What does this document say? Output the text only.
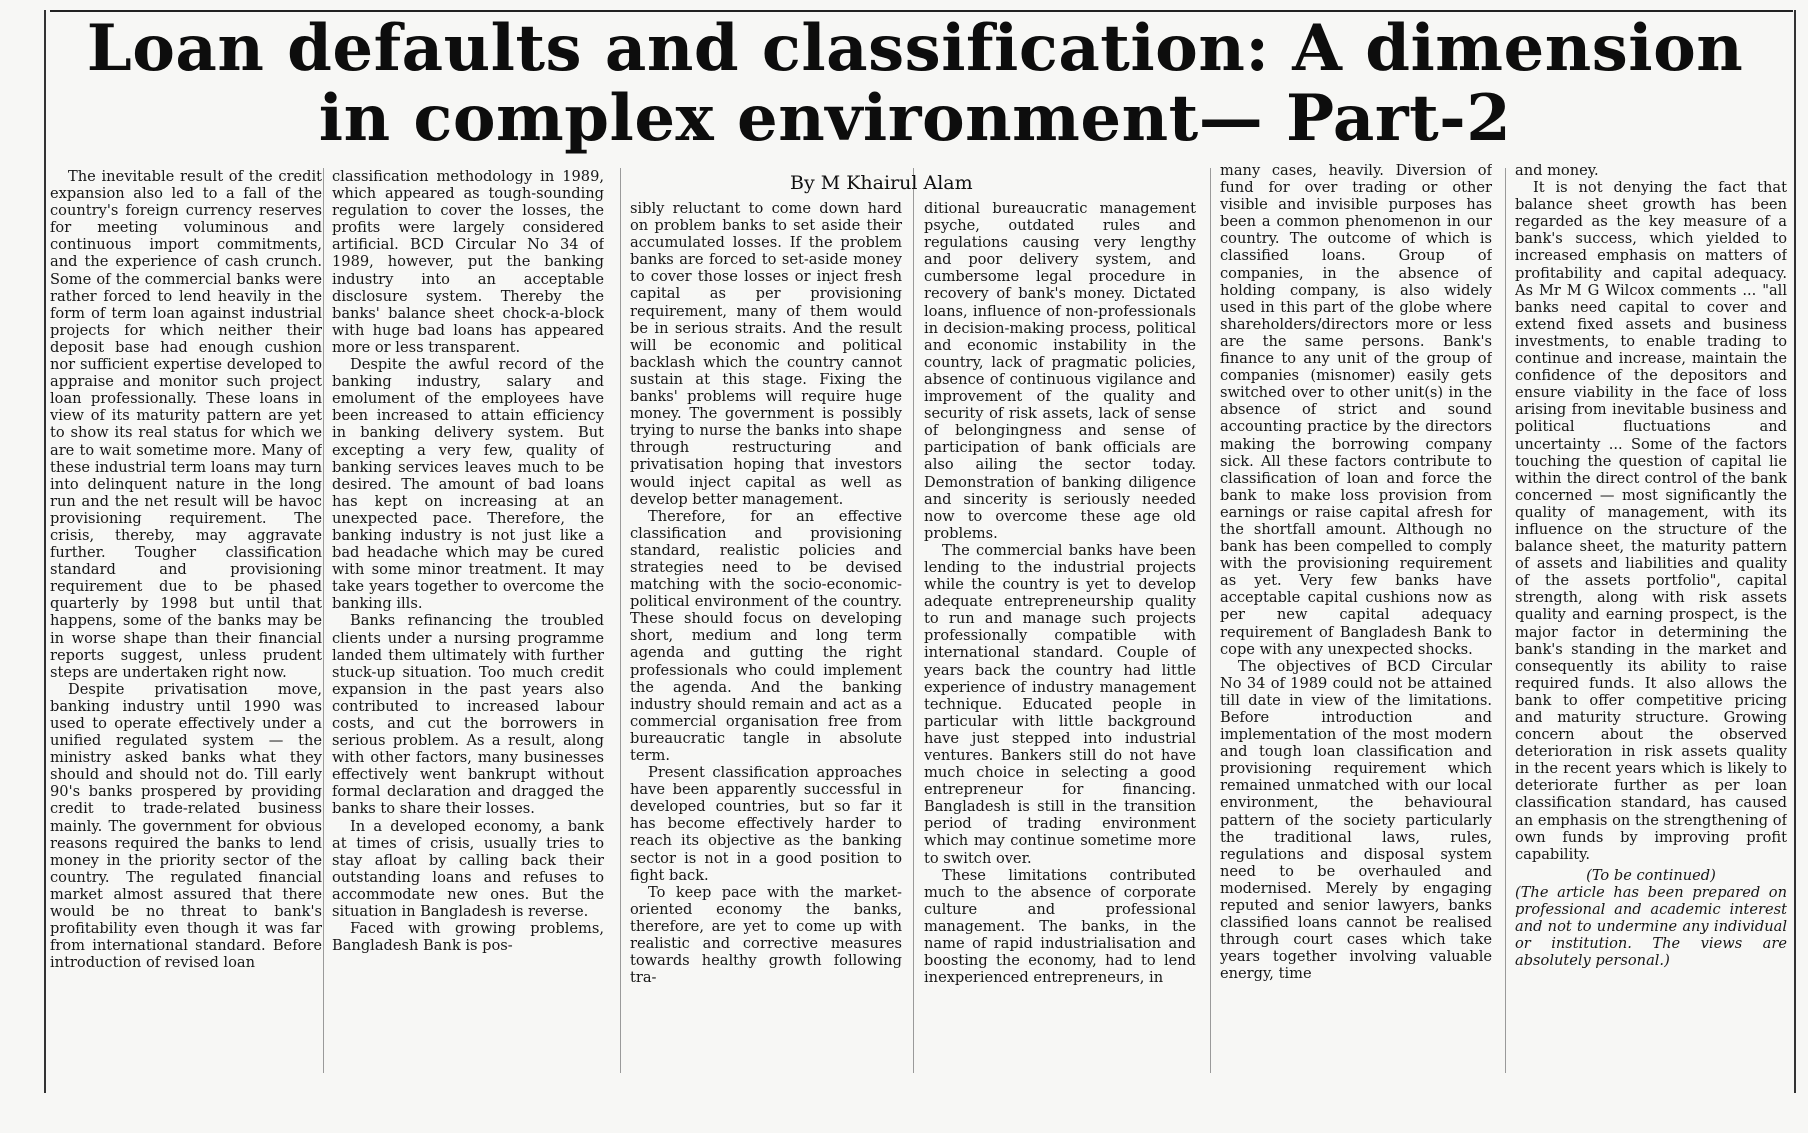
Loan defaults and classification: A dimension in complex environment— Part-2
By M Khairul Alam

The inevitable result of the credit expansion also led to a fall of the country's foreign currency reserves for meeting voluminous and continuous import commitments, and the experience of cash crunch. Some of the commercial banks were rather forced to lend heavily in the form of term loan against industrial projects for which neither their deposit base had enough cushion nor sufficient expertise developed to appraise and monitor such project loan professionally. These loans in view of its maturity pattern are yet to show its real status for which we are to wait sometime more. Many of these industrial term loans may turn into delinquent nature in the long run and the net result will be havoc provisioning requirement. The crisis, thereby, may aggravate further. Tougher classification standard and provisioning requirement due to be phased quarterly by 1998 but until that happens, some of the banks may be in worse shape than their financial reports suggest, unless prudent steps are undertaken right now.

Despite privatisation move, banking industry until 1990 was used to operate effectively under a unified regulated system — the ministry asked banks what they should and should not do. Till early 90's banks prospered by providing credit to trade-related business mainly. The government for obvious reasons required the banks to lend money in the priority sector of the country. The regulated financial market almost assured that there would be no threat to bank's profitability even though it was far from international standard. Before introduction of revised loan

classification methodology in 1989, which appeared as tough-sounding regulation to cover the losses, the profits were largely considered artificial. BCD Circular No 34 of 1989, however, put the banking industry into an acceptable disclosure system. Thereby the banks' balance sheet chock-a-block with huge bad loans has appeared more or less transparent.

Despite the awful record of the banking industry, salary and emolument of the employees have been increased to attain efficiency in banking delivery system. But excepting a very few, quality of banking services leaves much to be desired. The amount of bad loans has kept on increasing at an unexpected pace. Therefore, the banking industry is not just like a bad headache which may be cured with some minor treatment. It may take years together to overcome the banking ills.

Banks refinancing the troubled clients under a nursing programme landed them ultimately with further stuck-up situation. Too much credit expansion in the past years also contributed to increased labour costs, and cut the borrowers in serious problem. As a result, along with other factors, many businesses effectively went bankrupt without formal declaration and dragged the banks to share their losses.

In a developed economy, a bank at times of crisis, usually tries to stay afloat by calling back their outstanding loans and refuses to accommodate new ones. But the situation in Bangladesh is reverse.

Faced with growing problems, Bangladesh Bank is pos-

sibly reluctant to come down hard on problem banks to set aside their accumulated losses. If the problem banks are forced to set-aside money to cover those losses or inject fresh capital as per provisioning requirement, many of them would be in serious straits. And the result will be economic and political backlash which the country cannot sustain at this stage. Fixing the banks' problems will require huge money. The government is possibly trying to nurse the banks into shape through restructuring and privatisation hoping that investors would inject capital as well as develop better management.

Therefore, for an effective classification and provisioning standard, realistic policies and strategies need to be devised matching with the socio-economic-political environment of the country. These should focus on developing short, medium and long term agenda and gutting the right professionals who could implement the agenda. And the banking industry should remain and act as a commercial organisation free from bureaucratic tangle in absolute term.

Present classification approaches have been apparently successful in developed countries, but so far it has become effectively harder to reach its objective as the banking sector is not in a good position to fight back.

To keep pace with the market-oriented economy the banks, therefore, are yet to come up with realistic and corrective measures towards healthy growth following tra-

ditional bureaucratic management psyche, outdated rules and regulations causing very lengthy and poor delivery system, and cumbersome legal procedure in recovery of bank's money. Dictated loans, influence of non-professionals in decision-making process, political and economic instability in the country, lack of pragmatic policies, absence of continuous vigilance and improvement of the quality and security of risk assets, lack of sense of belongingness and sense of participation of bank officials are also ailing the sector today. Demonstration of banking diligence and sincerity is seriously needed now to overcome these age old problems.

The commercial banks have been lending to the industrial projects while the country is yet to develop adequate entrepreneurship quality to run and manage such projects professionally compatible with international standard. Couple of years back the country had little experience of industry management technique. Educated people in particular with little background have just stepped into industrial ventures. Bankers still do not have much choice in selecting a good entrepreneur for financing. Bangladesh is still in the transition period of trading environment which may continue sometime more to switch over.

These limitations contributed much to the absence of corporate culture and professional management. The banks, in the name of rapid industrialisation and boosting the economy, had to lend inexperienced entrepreneurs, in

many cases, heavily. Diversion of fund for over trading or other visible and invisible purposes has been a common phenomenon in our country. The outcome of which is classified loans. Group of companies, in the absence of holding company, is also widely used in this part of the globe where shareholders/directors more or less are the same persons. Bank's finance to any unit of the group of companies (misnomer) easily gets switched over to other unit(s) in the absence of strict and sound accounting practice by the directors making the borrowing company sick. All these factors contribute to classification of loan and force the bank to make loss provision from earnings or raise capital afresh for the shortfall amount. Although no bank has been compelled to comply with the provisioning requirement as yet. Very few banks have acceptable capital cushions now as per new capital adequacy requirement of Bangladesh Bank to cope with any unexpected shocks.

The objectives of BCD Circular No 34 of 1989 could not be attained till date in view of the limitations. Before introduction and implementation of the most modern and tough loan classification and provisioning requirement which remained unmatched with our local environment, the behavioural pattern of the society particularly the traditional laws, rules, regulations and disposal system need to be overhauled and modernised. Merely by engaging reputed and senior lawyers, banks classified loans cannot be realised through court cases which take years together involving valuable energy, time

and money.

It is not denying the fact that balance sheet growth has been regarded as the key measure of a bank's success, which yielded to increased emphasis on matters of profitability and capital adequacy. As Mr M G Wilcox comments ... "all banks need capital to cover and extend fixed assets and business investments, to enable trading to continue and increase, maintain the confidence of the depositors and ensure viability in the face of loss arising from inevitable business and political fluctuations and uncertainty ... Some of the factors touching the question of capital lie within the direct control of the bank concerned — most significantly the quality of management, with its influence on the structure of the balance sheet, the maturity pattern of assets and liabilities and quality of the assets portfolio", capital strength, along with risk assets quality and earning prospect, is the major factor in determining the bank's standing in the market and consequently its ability to raise required funds. It also allows the bank to offer competitive pricing and maturity structure. Growing concern about the observed deterioration in risk assets quality in the recent years which is likely to deteriorate further as per loan classification standard, has caused an emphasis on the strengthening of own funds by improving profit capability.

(To be continued)

(The article has been prepared on professional and academic interest and not to undermine any individual or institution. The views are absolutely personal.)
